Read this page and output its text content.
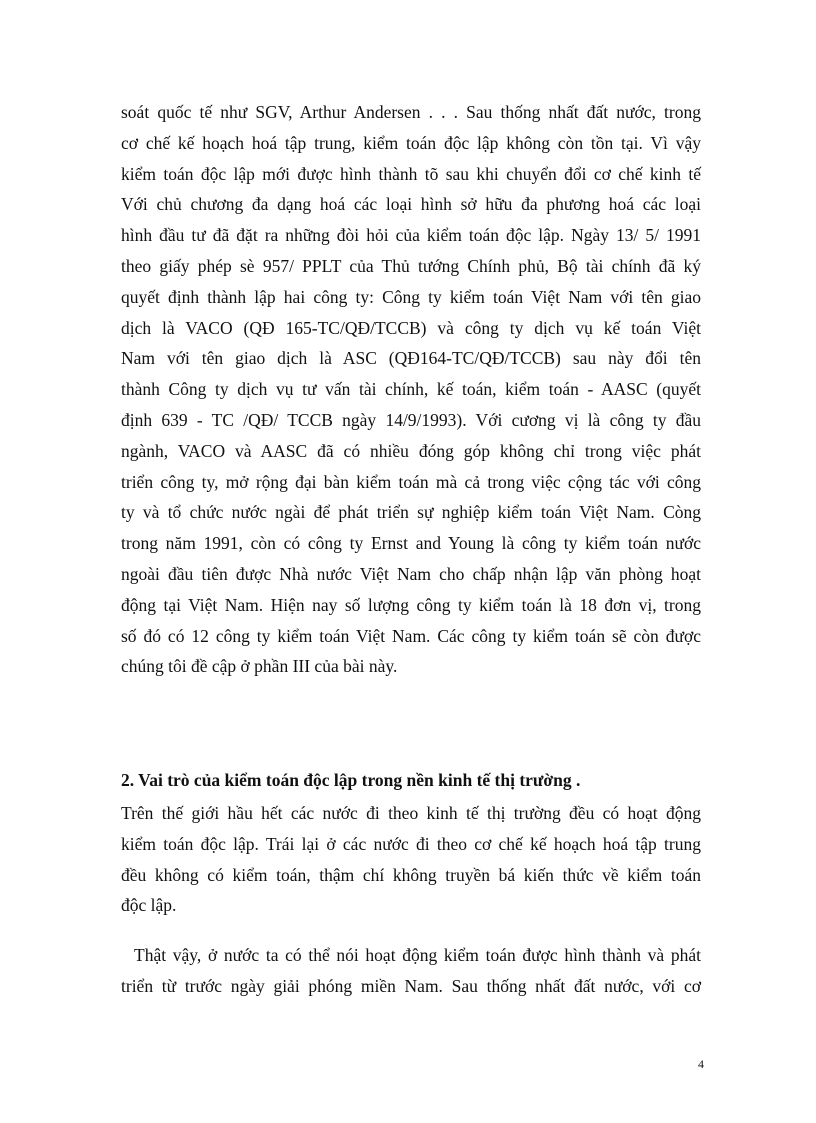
soát quốc tế như SGV, Arthur Andersen . . . Sau thống nhất đất nước, trong
cơ chế kế hoạch hoá tập trung, kiểm toán độc lập không còn tồn tại. Vì vậy
kiểm toán độc lập mới được hình thành tõ sau khi chuyển đổi cơ chế kinh tế
Với chủ chương đa dạng hoá các loại hình sở hữu đa phương hoá các loại
hình đầu tư đã đặt ra những đòi hỏi của kiểm toán độc lập. Ngày 13/ 5/ 1991
theo giấy phép sè 957/ PPLT của Thủ tướng Chính phủ, Bộ tài chính đã ký
quyết định thành lập hai công ty: Công ty kiểm toán Việt Nam với tên giao
dịch là VACO (QĐ 165-TC/QĐ/TCCB) và công ty dịch vụ kế toán Việt
Nam với tên giao dịch là ASC (QĐ164-TC/QĐ/TCCB) sau này đổi tên
thành Công ty dịch vụ tư vấn tài chính, kế toán, kiểm toán - AASC (quyết
định 639 - TC /QĐ/ TCCB ngày 14/9/1993). Với cương vị là công ty đầu
ngành, VACO và AASC đã có nhiều đóng góp không chỉ trong việc phát
triển công ty, mở rộng đại bàn kiểm toán mà cả trong việc cộng tác với công
ty và tổ chức nước ngài để phát triển sự nghiệp kiểm toán Việt Nam. Còng
trong năm 1991, còn có công ty Ernst and Young là công ty kiểm toán nước
ngoài đầu tiên được Nhà nước Việt Nam cho chấp nhận lập văn phòng hoạt
động tại Việt Nam. Hiện nay số lượng công ty kiểm toán là 18 đơn vị, trong
số đó có 12 công ty kiểm toán Việt Nam. Các công ty kiểm toán sẽ còn được
chúng tôi đề cập ở phần III của bài này.
2. Vai trò của kiểm toán độc lập trong nền kinh tế thị trường .
Trên thế giới hầu hết các nước đi theo kinh tế thị trường đều có hoạt động
kiểm toán độc lập. Trái lại ở các nước đi theo cơ chế kế hoạch hoá tập trung
đều không có kiểm toán, thậm chí không truyền bá kiến thức về kiểm toán
độc lập.
Thật vậy, ở nước ta có thể nói hoạt động kiểm toán được hình thành và phát
triển từ trước ngày giải phóng miền Nam. Sau thống nhất đất nước, với cơ
4
